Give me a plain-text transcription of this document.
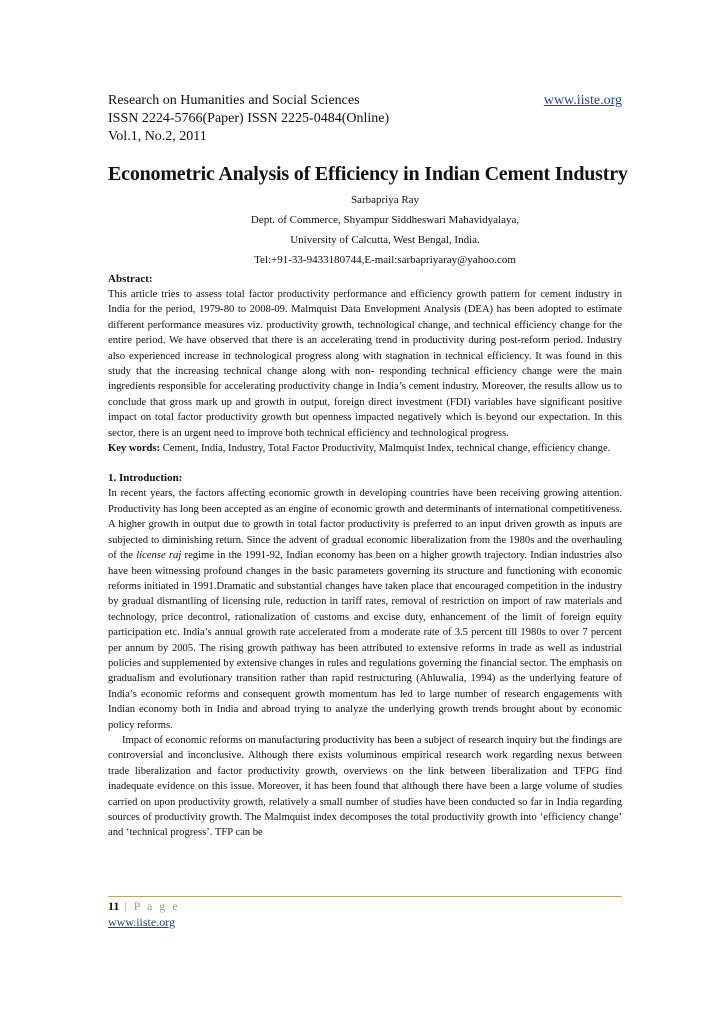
Research on Humanities and Social Sciences	www.iiste.org
ISSN 2224-5766(Paper) ISSN 2225-0484(Online)
Vol.1, No.2, 2011
Econometric Analysis of Efficiency in Indian Cement Industry
Sarbapriya Ray
Dept. of Commerce, Shyampur Siddheswari Mahavidyalaya,
University of Calcutta, West Bengal, India.
Tel:+91-33-9433180744,E-mail:sarbapriyaray@yahoo.com
Abstract:
This article tries to assess total factor productivity performance and efficiency growth pattern for cement industry in India for the period, 1979-80 to 2008-09. Malmquist Data Envelopment Analysis (DEA) has been adopted to estimate different performance measures viz. productivity growth, technological change, and technical efficiency change for the entire period. We have observed that there is an accelerating trend in productivity during post-reform period. Industry also experienced increase in technological progress along with stagnation in technical efficiency. It was found in this study that the increasing technical change along with non- responding technical efficiency change were the main ingredients responsible for accelerating productivity change in India’s cement industry. Moreover, the results allow us to conclude that gross mark up and growth in output, foreign direct investment (FDI) variables have significant positive impact on total factor productivity growth but openness impacted negatively which is beyond our expectation. In this sector, there is an urgent need to improve both technical efficiency and technological progress.
Key words: Cement, India, Industry, Total Factor Productivity, Malmquist Index, technical change, efficiency change.
1. Introduction:
In recent years, the factors affecting economic growth in developing countries have been receiving growing attention. Productivity has long been accepted as an engine of economic growth and determinants of international competitiveness. A higher growth in output due to growth in total factor productivity is preferred to an input driven growth as inputs are subjected to diminishing return. Since the advent of gradual economic liberalization from the 1980s and the overhauling of the license raj regime in the 1991-92, Indian economy has been on a higher growth trajectory. Indian industries also have been witnessing profound changes in the basic parameters governing its structure and functioning with economic reforms initiated in 1991.Dramatic and substantial changes have taken place that encouraged competition in the industry by gradual dismantling of licensing rule, reduction in tariff rates, removal of restriction on import of raw materials and technology, price decontrol, rationalization of customs and excise duty, enhancement of the limit of foreign equity participation etc. India’s annual growth rate accelerated from a moderate rate of 3.5 percent till 1980s to over 7 percent per annum by 2005. The rising growth pathway has been attributed to extensive reforms in trade as well as industrial policies and supplemented by extensive changes in rules and regulations governing the financial sector. The emphasis on gradualism and evolutionary transition rather than rapid restructuring (Ahluwalia, 1994) as the underlying feature of India’s economic reforms and consequent growth momentum has led to large number of research engagements with Indian economy both in India and abroad trying to analyze the underlying growth trends brought about by economic policy reforms.
Impact of economic reforms on manufacturing productivity has been a subject of research inquiry but the findings are controversial and inconclusive. Although there exists voluminous empirical research work regarding nexus between trade liberalization and factor productivity growth, overviews on the link between liberalization and TFPG find inadequate evidence on this issue. Moreover, it has been found that although there have been a large volume of studies carried on upon productivity growth, relatively a small number of studies have been conducted so far in India regarding sources of productivity growth. The Malmquist index decomposes the total productivity growth into ‘efficiency change’ and ‘technical progress’. TFP can be
11 | P a g e
www.iiste.org
